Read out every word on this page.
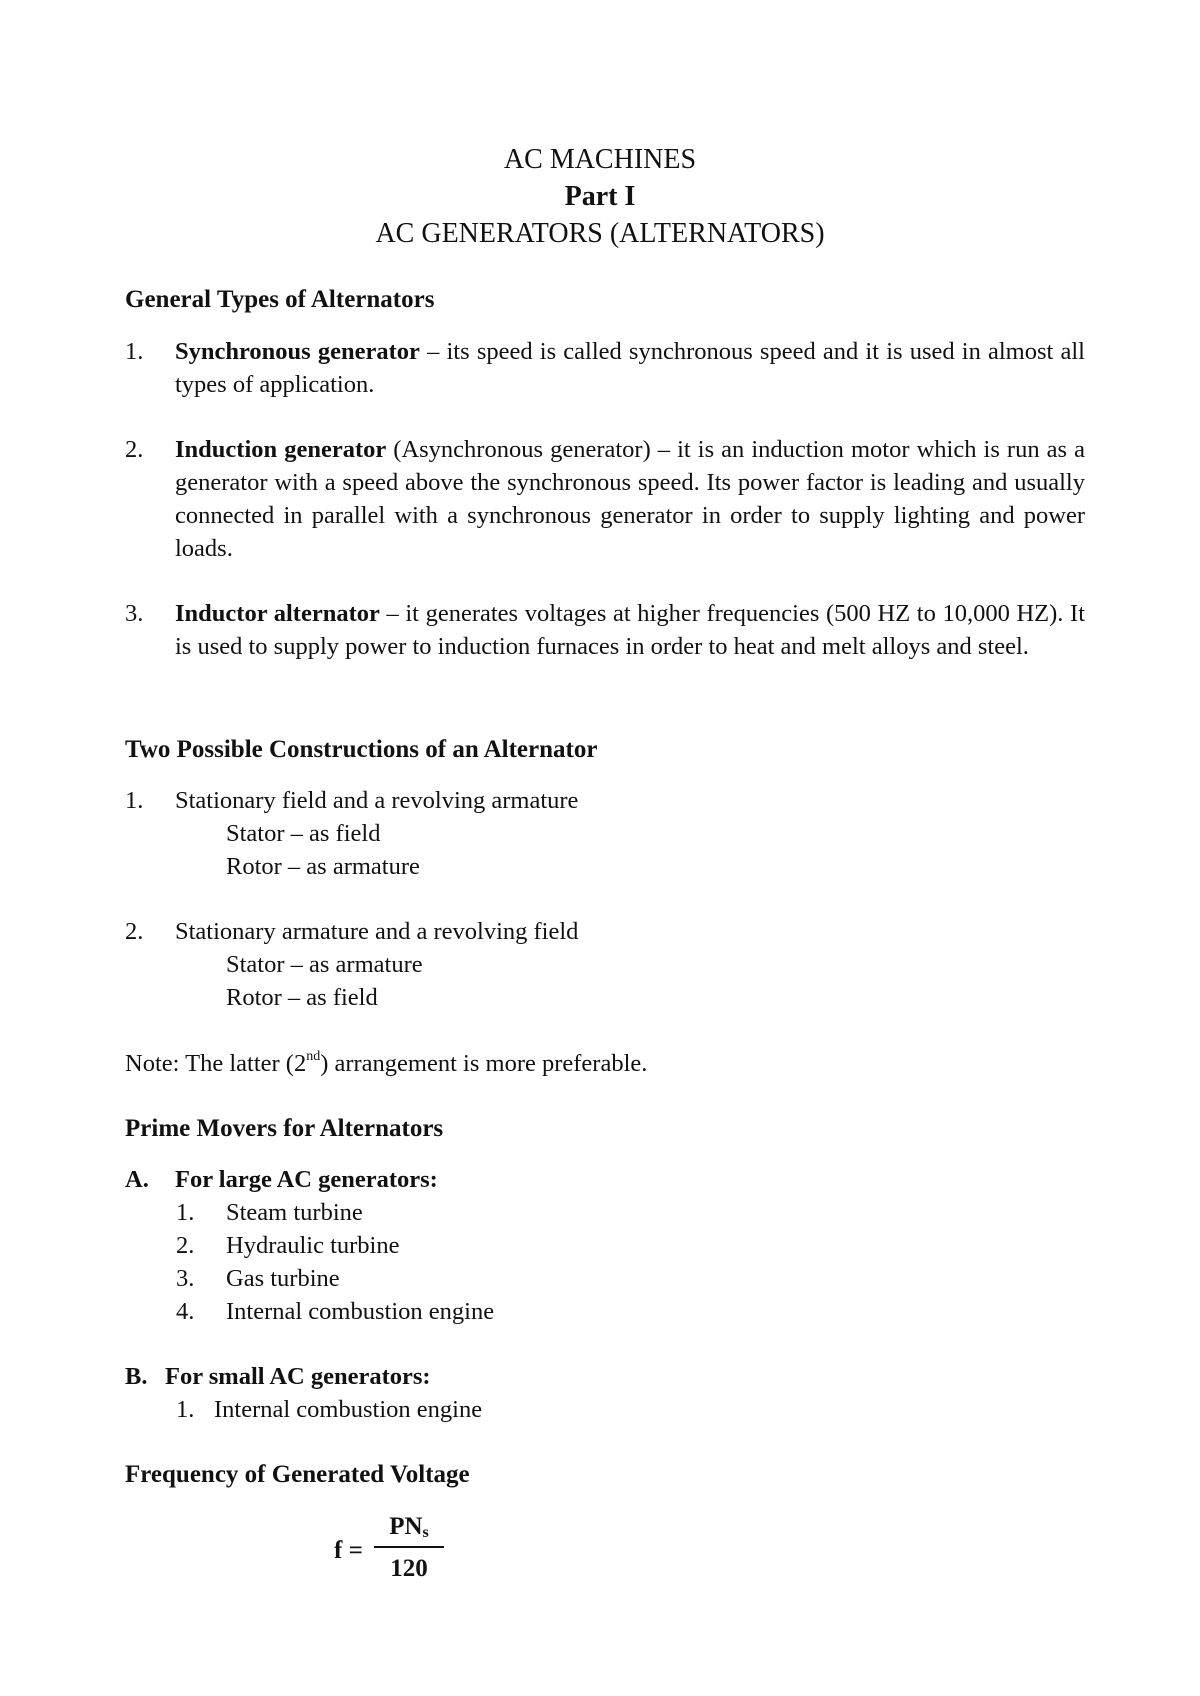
AC MACHINES
Part I
AC GENERATORS (ALTERNATORS)
General Types of Alternators
1. Synchronous generator – its speed is called synchronous speed and it is used in almost all types of application.
2. Induction generator (Asynchronous generator) – it is an induction motor which is run as a generator with a speed above the synchronous speed. Its power factor is leading and usually connected in parallel with a synchronous generator in order to supply lighting and power loads.
3. Inductor alternator – it generates voltages at higher frequencies (500 HZ to 10,000 HZ). It is used to supply power to induction furnaces in order to heat and melt alloys and steel.
Two Possible Constructions of an Alternator
1. Stationary field and a revolving armature
Stator – as field
Rotor – as armature
2. Stationary armature and a revolving field
Stator – as armature
Rotor – as field
Note: The latter (2nd) arrangement is more preferable.
Prime Movers for Alternators
A. For large AC generators:
1. Steam turbine
2. Hydraulic turbine
3. Gas turbine
4. Internal combustion engine
B. For small AC generators:
1. Internal combustion engine
Frequency of Generated Voltage
f =
$PN_s$
120
